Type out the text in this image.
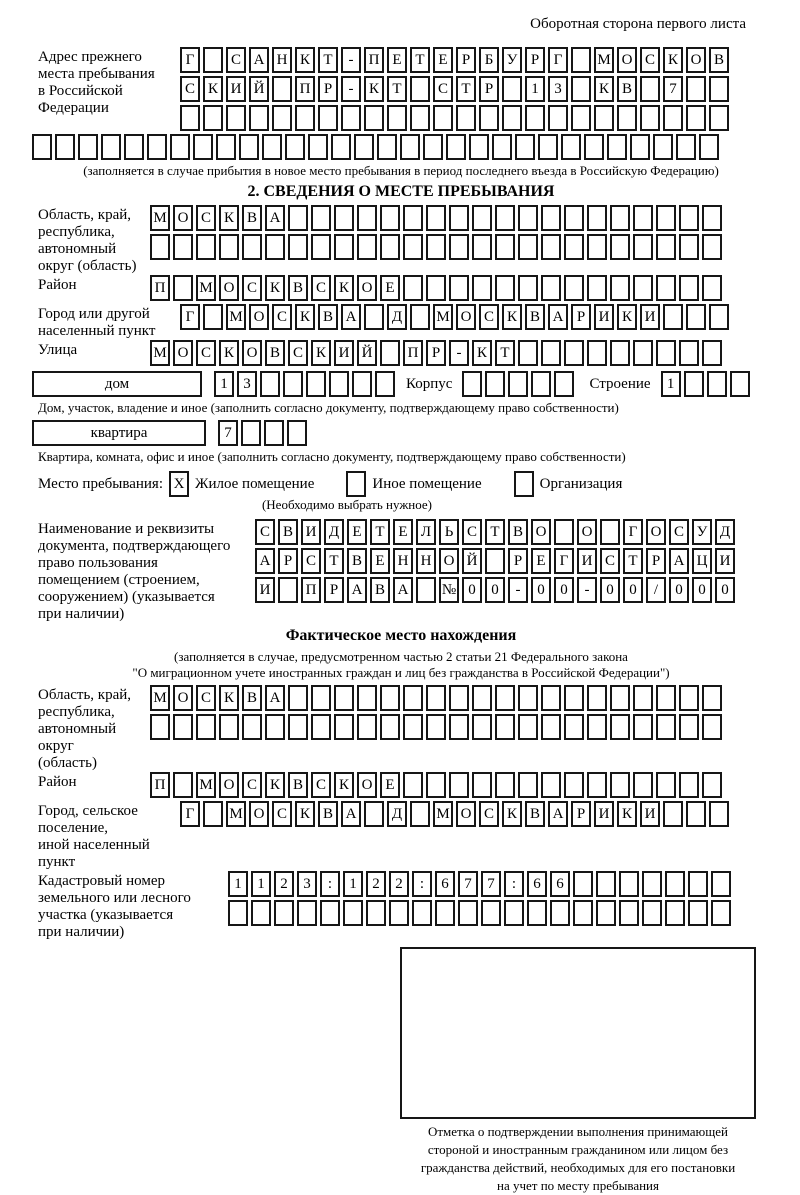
Оборотная сторона первого листа
Адрес прежнего
места пребывания
в Российской
Федерации
Г С А Н К Т - П Е Т Е Р Б У Р Г М О С К О В
С К И Й П Р - К Т С Т Р	1 3 К В 7
(заполняется в случае прибытия в новое место пребывания в период последнего въезда в Российскую Федерацию)
2. СВЕДЕНИЯ О МЕСТЕ ПРЕБЫВАНИЯ
Область, край,
республика,
автономный
округ (область)
М О С К В А
Район	П М О С К В С К О Е
Город или другой
населенный пункт
Г М О С К В А Д М О С К В А Р И К И
Улица	М О С К О В С К И Й П Р - К Т
дом	1 3	Корпус	Строение 1
Дом, участок, владение и иное (заполнить согласно документу, подтверждающему право собственности)
квартира	7
Квартира, комната, офис и иное (заполнить согласно документу, подтверждающему право собственности)
Место пребывания: X Жилое помещение	Иное помещение	Организация
(Необходимо выбрать нужное)
Наименование и реквизиты
документа, подтверждающего
право пользования
помещением (строением,
сооружением) (указывается
при наличии)
С В И Д Е Т Е Л Ь С Т В О О Г О С У Д
А Р С Т В Е Н Н О Й Р Е Г И С Т Р А Ц И
И П Р А В А № 0 0 - 0 0 - 0 0 / 0 0 0
Фактическое место нахождения
(заполняется в случае, предусмотренном частью 2 статьи 21 Федерального закона
"О миграционном учете иностранных граждан и лиц без гражданства в Российской Федерации")
Область, край,
республика,
автономный округ
(область)
М О С К В А
Район	П М О С К В С К О Е
Город, сельское поселение,
иной населенный пункт
Г М О С К В А Д М О С К В А Р И К И
Кадастровый номер
земельного или лесного
участка (указывается
при наличии)
1 1 2 3 : 1 2 2 : 6 7 7 : 6 6
Отметка о подтверждении выполнения принимающей
стороной и иностранным гражданином или лицом без
гражданства действий, необходимых для его постановки
на учет по месту пребывания
